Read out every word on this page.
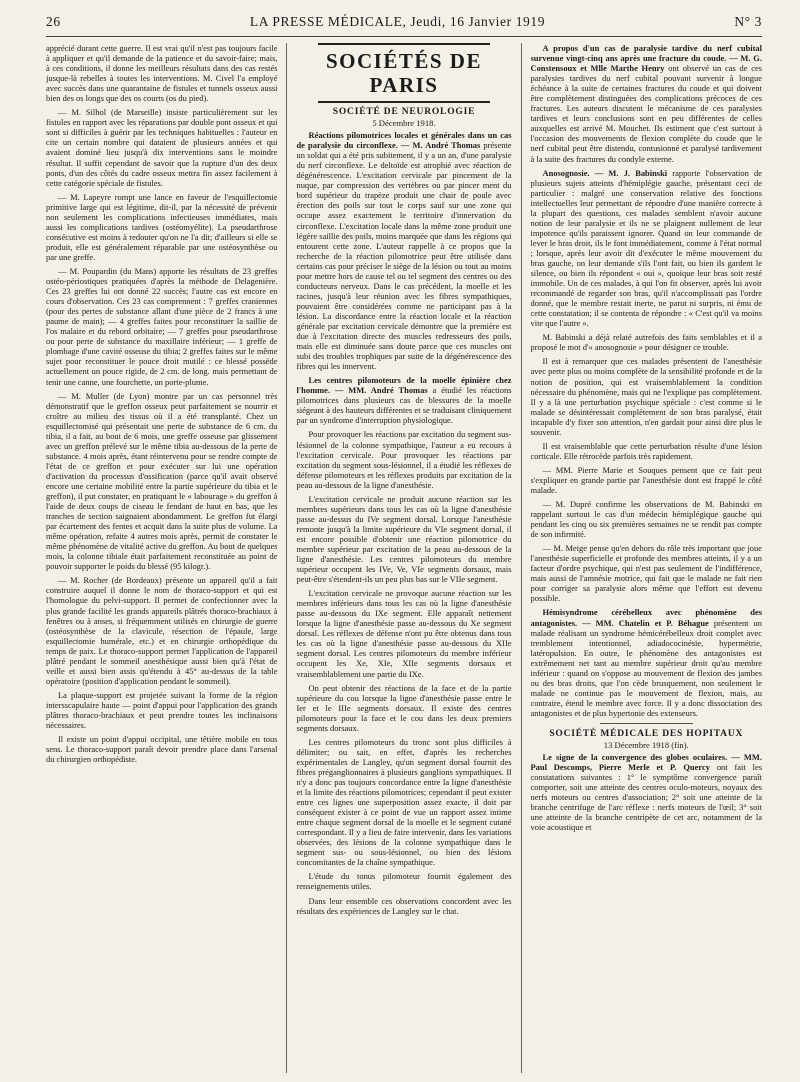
26	LA PRESSE MÉDICALE, Jeudi, 16 Janvier 1919	N° 3

apprécié durant cette guerre. Il est vrai qu'il n'est pas toujours facile à appliquer et qu'il demande de la patience et du savoir-faire; mais, à ces conditions, il donne les meilleurs résultats dans des cas restés jusque-là rebelles à toutes les interventions. M. Civel l'a employé avec succès dans une quarantaine de fistules et tunnels osseux aussi bien des os longs que des os courts (os du pied).

— M. Silhol (de Marseille) insiste particulièrement sur les fistules en rapport avec les réparations par double pont osseux et qui sont si difficiles à guérir par les techniques habituelles : l'auteur en cite un certain nombre qui dataient de plusieurs années et qui avaient dominé lieu jusqu'à dix interventions sans le moindre résultat. Il suffit cependant de savoir que la rupture d'un des deux ponts, d'un des côtés du cadre osseux mettra fin assez facilement à cette catégorie spéciale de fistules.

— M. Lapeyre rompt une lance en faveur de l'esquillectomie primitive large qui est légitime, dit-il, par la nécessité de prévenir non seulement les complications infectieuses immédiates, mais aussi les complications tardives (ostéomyélite). La pseudarthrose consécutive est moins à redouter qu'on ne l'a dit; d'ailleurs si elle se produit, elle est généralement réparable par une ostéosynthèse ou par une greffe.

— M. Poupardin (du Mans) apporte les résultats de 23 greffes ostéo-périostiques pratiquées d'après la méthode de Delagenière. Ces 23 greffes lui ont donné 22 succès; l'autre cas est encore en cours d'observation. Ces 23 cas comprennent : 7 greffes craniennes (pour des pertes de substance allant d'une pièce de 2 francs à une paume de main); — 4 greffes faites pour reconstituer la saillie de l'os malaire et du rebord orbitaire; — 7 greffes pour pseudarthrose ou pour perte de substance du maxillaire inférieur; — 1 greffe de plombage d'une cavité osseuse du tibia; 2 greffes faites sur le même sujet pour reconstituer le pouce droit mutilé : ce blessé possède actuellement un pouce rigide, de 2 cm. de long. mais permettant de tenir une canne, une fourchette, un porte-plume.

— M. Muller (de Lyon) montre par un cas personnel très démonstratif que le greffon osseux peut parfaitement se nourrir et croître au milieu des tissus où il a été transplanté. Chez un esquillectomisé qui présentait une perte de substance de 6 cm. du tibia, il a fait, au bout de 6 mois, une greffe osseuse par glissement avec un greffon prélevé sur le même tibia au-dessous de la perte de substance. 4 mois après, étant réintervenu pour se rendre compte de l'état de ce greffon et pour exécuter sur lui une opération d'activation du processus d'ossification (parce qu'il avait observé encore une certaine mobilité entre la partie supérieure du tibia et le greffon), il put constater, en pratiquant le « labourage » du greffon à l'aide de deux coups de ciseau le fendant de haut en bas, que les tranches de section saignaient abondamment. Le greffon fut élargi par écartement des fentes et acquit dans la suite plus de volume. La même opération, refaite 4 autres mois après, permit de constater le même phénomène de vitalité active du greffon. Au bout de quelques mois, la colonne tibiale était parfaitement reconstituée au point de pouvoir supporter le poids du blessé (95 kilogr.).

— M. Rocher (de Bordeaux) présente un appareil qu'il a fait construire auquel il donne le nom de thoraco-support et qui est l'homologue du pelvi-support. Il permet de confectionner avec la plus grande facilité les grands appareils plâtrés thoraco-brachiaux à fenêtres ou à anses, si fréquemment utilisés en chirurgie de guerre (ostéosynthèse de la clavicule, résection de l'épaule, large esquillectomie humérale, etc.) et en chirurgie orthopédique du temps de paix. Le thoraco-support permet l'application de l'appareil plâtré pendant le sommeil anesthésique aussi bien qu'à l'état de veille et aussi bien assis qu'étendu à 45° au-dessus de la table opératoire (position d'application pendant le sommeil).

La plaque-support est projetée suivant la forme de la région intersscapulaire haute — point d'appui pour l'application des grands plâtres thoraco-brachiaux et peut prendre toutes les inclinaisons nécessaires.

Il existe un point d'appui occipital, une têtière mobile en tous sens. Le thoraco-support paraît devoir prendre place dans l'arsenal du chirurgien orthopédiste.

SOCIÉTÉS DE PARIS
SOCIÉTÉ DE NEUROLOGIE
5 Décembre 1918.

Réactions pilomotrices locales et générales dans un cas de paralysie du circonflexe. — M. André Thomas présente un soldat qui a été pris subitement, il y a un an, d'une paralysie du nerf circonflexe. Le deltoïde est atrophié avec réaction de dégénérescence. L'excitation cervicale par pincement de la nuque, par compression des vertèbres ou par pincer ment du bord supérieur du trapèze produit une chair de poule avec érection des poils sur tout le corps sauf sur une zone qui occupe assez exactement le territoire d'innervation du circonflexe. L'excitation locale dans la même zone produit une légère saillie des poils, moins marquée que dans les régions qui entourent cette zone. L'auteur rappelle à ce propos que la recherche de la réaction pilomotrice peut être utilisée dans certains cas pour préciser le siège de la lésion ou tout au moins pour mettre hors de cause tel ou tel segment des centres ou des conducteurs nerveux. Dans le cas précédent, la moelle et les racines, jusqu'à leur réunion avec les fibres sympathiques, pouvaient être considérées comme ne participant pas à la lésion. La discordance entre la réaction locale et la réaction générale par excitation cervicale démontre que la première est due à l'excitation directe des muscles redresseurs des poils, mais elle est diminuée sans doute parce que ces muscles ont subi des troubles trophiques par suite de la dégénérescence des fibres qui les innervent.

Les centres pilomoteurs de la moelle épinière chez l'homme. — MM. André Thomas a étudié les réactions pilomotrices dans plusieurs cas de blessures de la moelle siégeant à des hauteurs différentes et se traduisant cliniquement par un syndrome d'interruption physiologique.

Pour provoquer les réactions par excitation du segment sus-lésionnel de la colonne sympathique, l'auteur a eu recours à l'excitation cervicale. Pour provoquer les réactions par excitation du segment sous-lésionnel, il a étudié les réflexes de défense pilomoteurs et les réflexes produits par excitation de la peau au-dessous de la ligne d'anesthésie.

L'excitation cervicale ne produit aucune réaction sur les membres supérieurs dans tous les cas où la ligne d'anesthésie passe au-dessus du IVe segment dorsal. Lorsque l'anesthésie remonte jusqu'à la limite supérieure du VIe segment dorsal, il est encore possible d'obtenir une réaction pilomotrice du membre supérieur par excitation de la peau au-dessous de la ligne d'anesthésie. Les centres pilomoteurs du membre supérieur occupent les IVe, Ve, VIe segments dorsaux, mais peut-être s'étendent-ils un peu plus bas sur le VIIe segment.

L'excitation cervicale ne provoque aucune réaction sur les membres inférieurs dans tous les cas où la ligne d'anesthésie passe au-dessous du IXe segment. Elle apparaît nettement lorsque la ligne d'anesthésie passe au-dessous du Xe segment dorsal. Les réflexes de défense n'ont pu être obtenus dans tous les cas où la ligne d'anesthésie passe au-dessous du XIIe segment dorsal. Les centres pilomoteurs du membre inférieur occupent les Xe, XIe, XIIe segments dorsaux et vraisemblablement une partie du IXe.

On peut obtenir des réactions de la face et de la partie supérieure du cou lorsque la ligne d'anesthésie passe entre le Ier et le IIIe segments dorsaux. Il existe des centres pilomoteurs pour la face et le cou dans les deux premiers segments dorsaux.

Les centres pilomoteurs du tronc sont plus difficiles à délimiter; ou sait, en effet, d'après les recherches expérimentales de Langley, qu'un segment dorsal fournit des fibres préganglionnaires à plusieurs ganglions sympathiques. Il n'y a donc pas toujours concordance entre la ligne d'anesthésie et la limite des réactions pilomotrices; cependant il peut exister entre ces lignes une superposition assez exacte, il doit par conséquent exister à ce point de vue un rapport assez intime entre chaque segment dorsal de la moelle et le segment cutané correspondant. Il y a lieu de faire intervenir, dans les variations observées, des lésions de la colonne sympathique dans le segment sus- ou sous-lésionnel, ou bien des lésions concomitantes de la chaîne sympathique.

L'étude du tonus pilomoteur fournit également des renseignements utiles.

Dans leur ensemble ces observations concordent avec les résultats des expériences de Langley sur le chat.

A propos d'un cas de paralysie tardive du nerf cubital survenue vingt-cinq ans après une fracture du coude. — M. G. Constensoux et Mlle Marthe Henry ont observé un cas de ces paralysies tardives du nerf cubital pouvant survenir à longue échéance à la suite de certaines fractures du coude et qui doivent être complètement distinguées des complications précoces de ces fractures. Les auteurs discutent le mécanisme de ces paralysies tardives et leurs conclusions sont en peu différentes de celles auxquelles est arrivé M. Mouchet. Ils estiment que c'est surtout à l'occasion des mouvements de flexion complète du coude que le nerf cubital peut être distendu, contusionné et paralysé tardivement à la suite des fractures du condyle externe.

Anosognosie. — M. J. Babinski rapporte l'observation de plusieurs sujets atteints d'hémiplégie gauche, présentant ceci de particulier : malgré une conservation relative des fonctions intellectuelles leur permettant de répondre d'une manière correcte à la plupart des questions, ces malades semblent n'avoir aucune notion de leur paralysie et ils ne se plaignent nullement de leur impotence qu'ils paraissent ignorer. Quand on leur commande de lever le bras droit, ils le font immédiatement, comme à l'état normal ; lorsque, après leur avoir dit d'exécuter le même mouvement du bras gauche, on leur demande s'ils l'ont fait, ou bien ils gardent le silence, ou bien ils répondent « oui », quoique leur bras soit resté immobile. Un de ces malades, à qui l'on fit observer, après lui avoir recommandé de regarder son bras, qu'il n'accomplissait pas l'ordre donné, que le membre restait inerte, ne parut ni surpris, ni ému de cette constatation; il se contenta de répondre : « C'est qu'il va moins vite que l'autre ».

M. Babinski a déjà relaté autrefois des faits semblables et il a proposé le mot d'« anosognosie » pour désigner ce trouble.

Il est à remarquer que ces malades présentent de l'anesthésie avec perte plus ou moins complète de la sensibilité profonde et de la notion de position, qui est vraisemblablement la condition nécessaire du phénomène, mais qui ne l'explique pas complètement. Il y a là une perturbation psychique spéciale : c'est comme si le malade se désintéressait complètement de son bras paralysé, était incapable d'y fixer son attention, n'en gardait pour ainsi dire plus le souvenir.

Il est vraisemblable que cette perturbation résulte d'une lésion corticale. Elle rétrocède parfois très rapidement.

— MM. Pierre Marie et Souques pensent que ce fait peut s'expliquer en grande partie par l'anesthésie dont est frappé le côté malade.

— M. Dupré confirme les observations de M. Babinski en rappelant surtout le cas d'un médecin hémiplégique gauche qui pendant les cinq ou six premières semaines ne se rendit pas compte de son infirmité.

— M. Meige pense qu'en dehors du rôle très important que joue l'anesthésie superficielle et profonde des membres atteints, il y a un facteur d'ordre psychique, qui n'est pas seulement de l'indifférence, mais aussi de l'amnésie motrice, qui fait que le malade ne fait rien pour corriger sa paralysie alors même que l'effort est devenu possible.

Hémisyndrome cérébelleux avec phénomène des antagonistes. — MM. Chatelin et P. Béhague présentent un malade réalisant un syndrome hémicérébelleux droit complet avec tremblement intentionnel, adiadococinésie, hypermétrie, latéropulsion. En outre, le phénomène des antagonistes est extrêmement net tant au membre supérieur droit qu'au membre inférieur : quand on s'oppose au mouvement de flexion des jambes ou des bras droits, que l'on cède brusquement, non seulement le malade ne continue pas le mouvement de flexion, mais, au contraire, étend le membre avec force. Il y a donc dissociation des antagonistes et de plus hypertonie des extenseurs.

SOCIÉTÉ MÉDICALE DES HOPITAUX
13 Décembre 1918 (fin).

Le signe de la convergence des globes oculaires. — MM. Paul Descomps, Pierre Merle et P. Quercy ont fait les constatations suivantes : 1° le symptôme convergence paraît comporter, soit une atteinte des centres oculo-moteurs, noyaux des nerfs moteurs ou centres d'association; 2° soit une atteinte de la branche centrifuge de l'arc réflexe : nerfs moteurs de l'œil; 3° soit une atteinte de la branche centripète de cet arc, notamment de la voie acoustique et
